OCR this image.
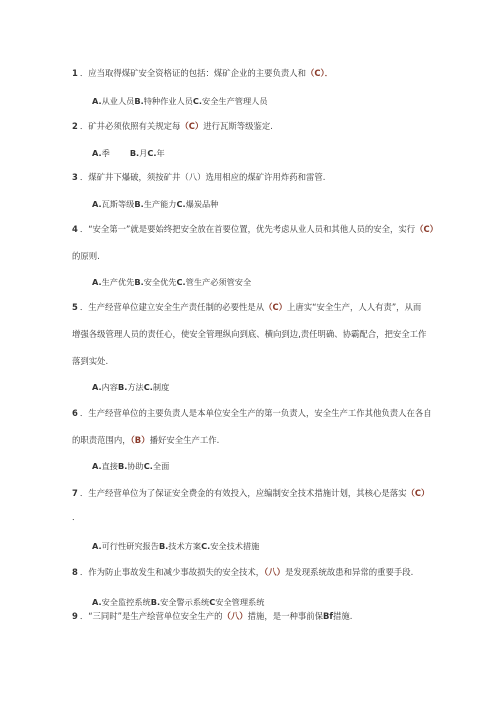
1 ．应当取得煤矿安全资格证的包括：煤矿企业的主要负责人和（C）．
A.从业人员B.特种作业人员C.安全生产管理人员
2 ．矿井必须依照有关规定每（C）进行瓦斯等级鉴定.
A.季 B.月C.年
3 ．煤矿井下爆破，须按矿井（八）选用相应的煤矿许用炸药和雷管.
A.瓦斯等级B.生产能力C.爆炭品种
4 ．“安全第一”就是要始终把安全放在首要位置，优先考虑从业人员和其他人员的安全，实行（C）
的原则.
A.生产优先B.安全优先C.管生产必须管安全
5 ．生产经营单位建立安全生产责任制的必要性是从（C）上唐实“安全生产，人人有责”，从而
增强各级管理人员的责任心，使安全管理纵向到底、横向到边,责任明确、协霸配合，把安全工作
落到实处.
A.内容B.方法C.制度
6 ．生产经营单位的主要负责人是本单位安全生产的第一负责人，安全生产工作其他负责人在各自
的职责范围内，（B）播好安全生产工作.
A.直接B.协助C.全面
7 ．生产经营单位为了保证安全费金的有效投入，应编制安全技术措施计划，其核心是落实（C）
．
A.可行性研究报告B.技术方案C.安全技术措施
8 ．作为防止事故发生和减少事故损失的安全技术，（八）是发现系统故患和异常的重要手段.
A.安全监控系统B.安全警示系统C安全管理系统
9 ．“三同时”是生产绘营单位安全生产的（八）措施，是一种事前保Bf措施.
